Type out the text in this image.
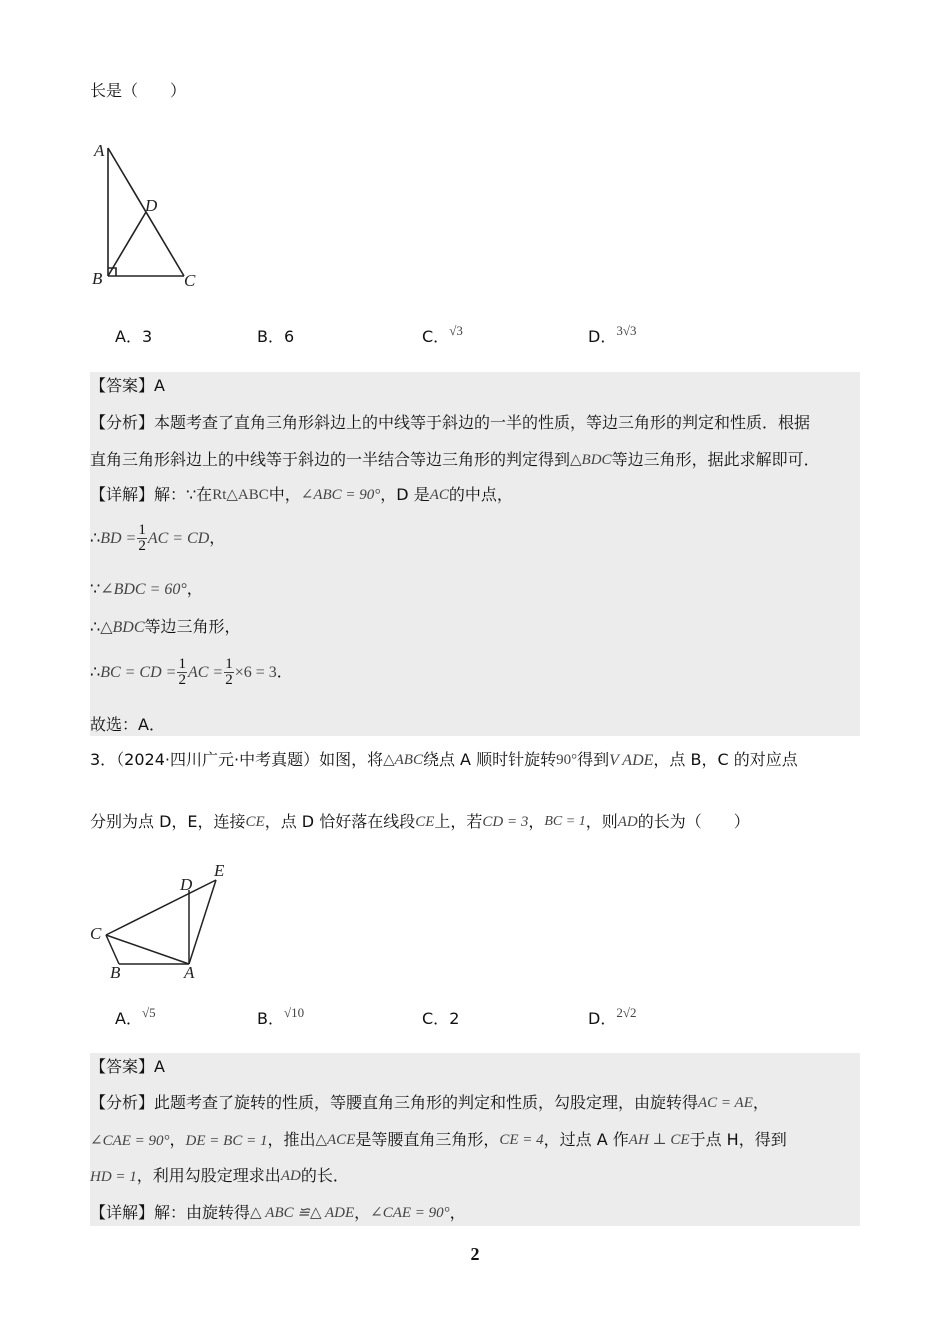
长是（　　）
A
D
B	C
A．3	B．6	C．$^{√3}$	D．$^{3√3}$
【答案】A
【分析】本题考查了直角三角形斜边上的中线等于斜边的一半的性质，等边三角形的判定和性质．根据
直角三角形斜边上的中线等于斜边的一半结合等边三角形的判定得到△BDC等边三角形，据此求解即可．
【详解】解：∵在Rt△ABC中，∠ABC = 90°，D 是AC的中点，
∴BD = $\frac{1}{2}$ AC = CD，
∵∠BDC = 60°，
∴△BDC等边三角形，
∴BC = CD = $\frac{1}{2}$ AC = $\frac{1}{2} \times 6 = 3$．
故选：A．
3．（2024·四川广元·中考真题）如图，将△ABC绕点 A 顺时针旋转90°得到V ADE，点 B，C 的对应点
分别为点 D，E，连接CE，点 D 恰好落在线段CE上，若CD = 3，BC = 1，则AD的长为（　　）
E
D
C
B	A
A．$^{√5}$	B．$^{√10}$	C．2	D．$^{2√2}$
【答案】A
【分析】此题考查了旋转的性质，等腰直角三角形的判定和性质，勾股定理，由旋转得AC = AE，
∠CAE = 90°，DE = BC = 1，推出△ACE是等腰直角三角形，CE = 4，过点 A 作AH ⊥ CE于点 H，得到
HD = 1，利用勾股定理求出AD的长．
【详解】解：由旋转得△ ABC ≌△ ADE，∠CAE = 90°，
2
